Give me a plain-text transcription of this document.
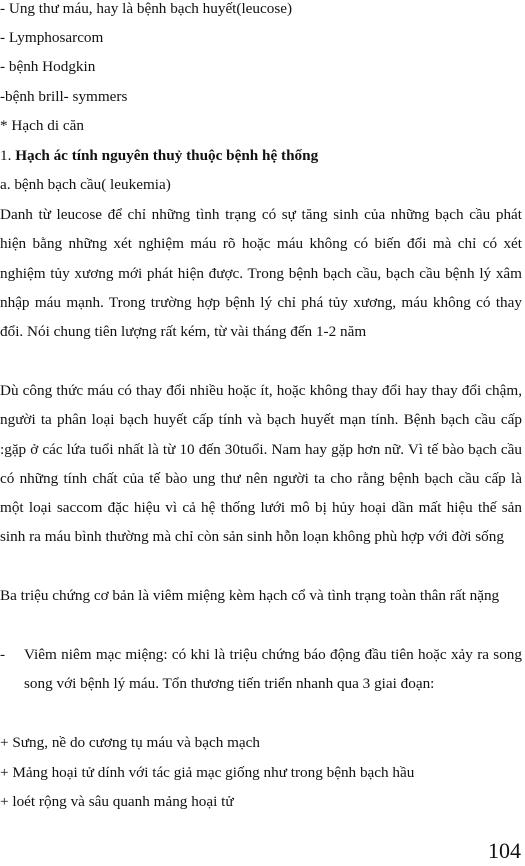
- Ung thư máu, hay là bệnh bạch huyết(leucose)
- Lymphosarcom
- bệnh Hodgkin
-bệnh brill- symmers
* Hạch di căn
1. Hạch ác tính nguyên thuỷ thuộc bệnh hệ thống
a. bệnh bạch cầu( leukemia)

Danh từ leucose để chỉ những tình trạng có sự tăng sinh của những bạch cầu phát hiện bằng những xét nghiệm máu rõ hoặc máu không có biến đổi mà chỉ có xét nghiệm tủy xương mới phát hiện được. Trong bệnh bạch cầu, bạch cầu bệnh lý xâm nhập máu mạnh. Trong trường hợp bệnh lý chỉ phá tủy xương, máu không có thay đổi. Nói chung tiên lượng rất kém, từ vài tháng đến 1-2 năm

Dù công thức máu có thay đổi nhiều hoặc ít, hoặc không thay đổi hay thay đổi chậm, người ta phân loại bạch huyết cấp tính và bạch huyết mạn tính. Bệnh bạch cầu cấp :gặp ở các lứa tuổi nhất là từ 10 đến 30tuổi. Nam hay gặp hơn nữ. Vì tế bào bạch cầu có những tính chất của tế bào ung thư nên người ta cho rằng bệnh bạch cầu cấp là một loại saccom đặc hiệu vì cả hệ thống lưới mô bị hủy hoại dần mất hiệu thế sản sinh ra máu bình thường mà chỉ còn sản sinh hỗn loạn không phù hợp với đời sống

Ba triệu chứng cơ bản là viêm miệng kèm hạch cổ và tình trạng toàn thân rất nặng

- Viêm niêm mạc miệng: có khi là triệu chứng báo động đầu tiên hoặc xảy ra song song với bệnh lý máu. Tổn thương tiến triển nhanh qua 3 giai đoạn:
+ Sưng, nề do cương tụ máu và bạch mạch
+ Mảng hoại tử dính với tác giả mạc giống như trong bệnh bạch hầu
+ loét rộng và sâu quanh mảng hoại tử
104
